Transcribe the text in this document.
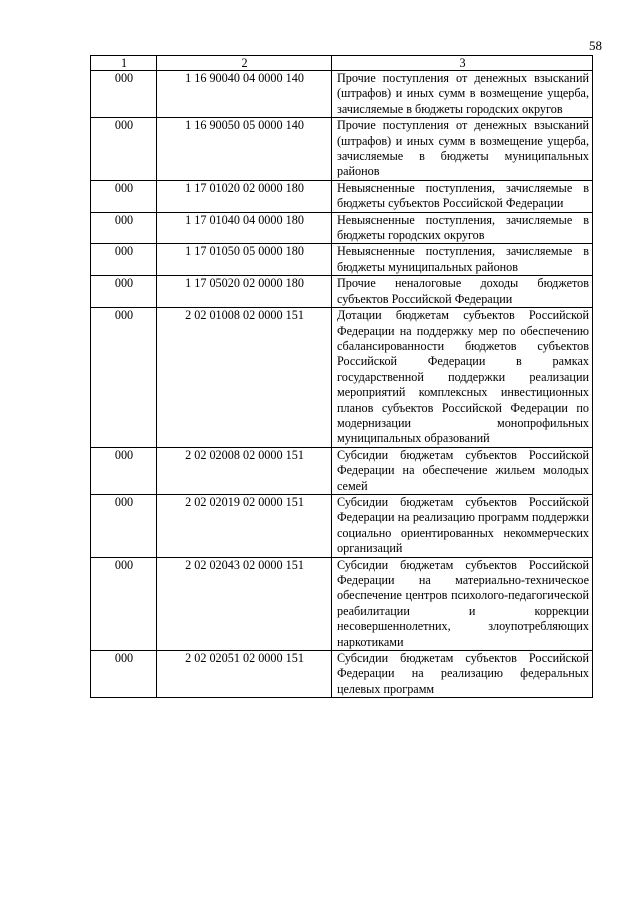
58
1	2	3
000	1 16 90040 04 0000 140	Прочие поступления от денежных взысканий (штрафов) и иных сумм в возмещение ущерба, зачисляемые в бюджеты городских округов
000	1 16 90050 05 0000 140	Прочие поступления от денежных взысканий (штрафов) и иных сумм в возмещение ущерба, зачисляемые в бюджеты муниципальных районов
000	1 17 01020 02 0000 180	Невыясненные поступления, зачисляемые в бюджеты субъектов Российской Федерации
000	1 17 01040 04 0000 180	Невыясненные поступления, зачисляемые в бюджеты городских округов
000	1 17 01050 05 0000 180	Невыясненные поступления, зачисляемые в бюджеты муниципальных районов
000	1 17 05020 02 0000 180	Прочие неналоговые доходы бюджетов субъектов Российской Федерации
000	2 02 01008 02 0000 151	Дотации бюджетам субъектов Российской Федерации на поддержку мер по обеспечению сбалансированности бюджетов субъектов Российской Федерации в рамках государственной поддержки реализации мероприятий комплексных инвестиционных планов субъектов Российской Федерации по модернизации монопрофильных муниципальных образований
000	2 02 02008 02 0000 151	Субсидии бюджетам субъектов Российской Федерации на обеспечение жильем молодых семей
000	2 02 02019 02 0000 151	Субсидии бюджетам субъектов Российской Федерации на реализацию программ поддержки социально ориентированных некоммерческих организаций
000	2 02 02043 02 0000 151	Субсидии бюджетам субъектов Российской Федерации на материально-техническое обеспечение центров психолого-педагогической реабилитации и коррекции несовершеннолетних, злоупотребляющих наркотиками
000	2 02 02051 02 0000 151	Субсидии бюджетам субъектов Российской Федерации на реализацию федеральных целевых программ
